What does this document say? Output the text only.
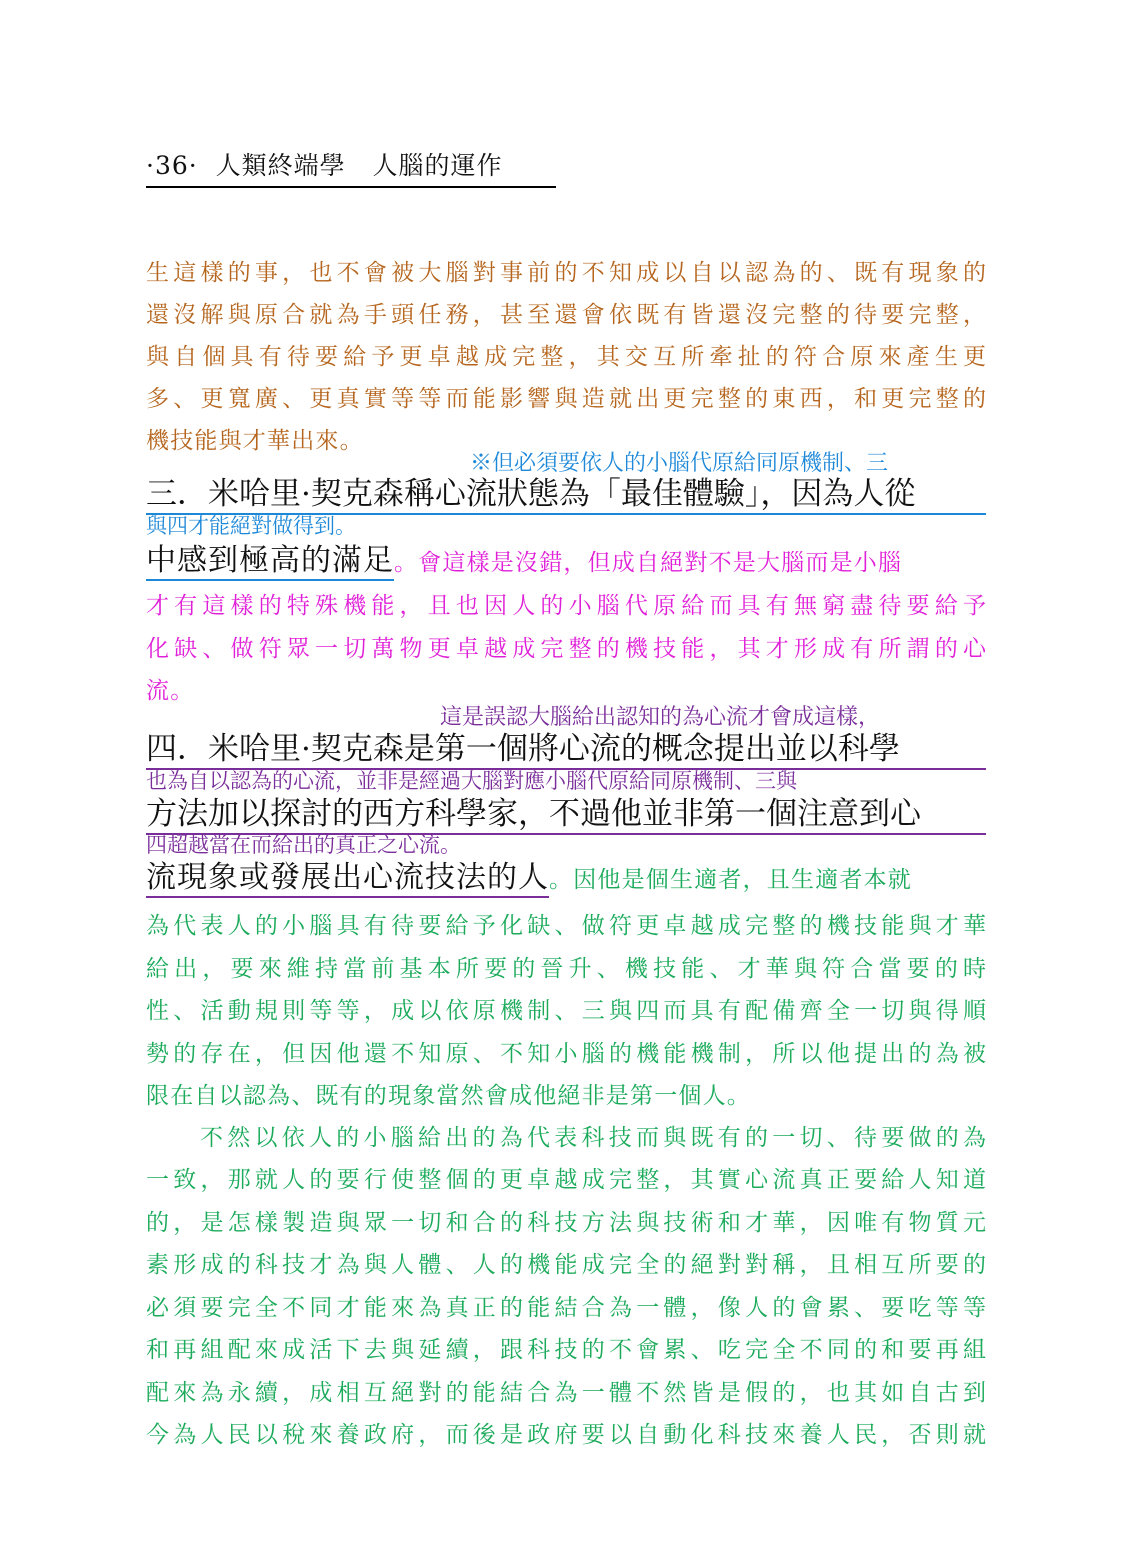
·36· 人類終端學 人腦的運作
生這樣的事，也不會被大腦對事前的不知成以自以認為的、既有現象的
還沒解與原合就為手頭任務，甚至還會依既有皆還沒完整的待要完整，
與自個具有待要給予更卓越成完整，其交互所牽扯的符合原來產生更
多、更寬廣、更真實等等而能影響與造就出更完整的東西，和更完整的
機技能與才華出來。
※但必須要依人的小腦代原給同原機制、三
三．米哈里·契克森稱心流狀態為「最佳體驗」，因為人從
與四才能絕對做得到。
中感到極高的滿足 。會這樣是沒錯，但成自絕對不是大腦而是小腦
才有這樣的特殊機能，且也因人的小腦代原給而具有無窮盡待要給予
化缺、做符眾一切萬物更卓越成完整的機技能，其才形成有所謂的心
流。
這是誤認大腦給出認知的為心流才會成這樣，
四．米哈里·契克森是第一個將心流的概念提出並以科學
也為自以認為的心流，並非是經過大腦對應小腦代原給同原機制、三與
方法加以探討的西方科學家，不過他並非第一個注意到心
四超越當在而給出的真正之心流。
流現象或發展出心流技法的人 。因他是個生適者，且生適者本就
為代表人的小腦具有待要給予化缺、做符更卓越成完整的機技能與才華
給出，要來維持當前基本所要的晉升、機技能、才華與符合當要的時
性、活動規則等等，成以依原機制、三與四而具有配備齊全一切與得順
勢的存在，但因他還不知原、不知小腦的機能機制，所以他提出的為被
限在自以認為、既有的現象當然會成他絕非是第一個人。
不然以依人的小腦給出的為代表科技而與既有的一切、待要做的為
一致，那就人的要行使整個的更卓越成完整，其實心流真正要給人知道
的，是怎樣製造與眾一切和合的科技方法與技術和才華，因唯有物質元
素形成的科技才為與人體、人的機能成完全的絕對對稱，且相互所要的
必須要完全不同才能來為真正的能結合為一體，像人的會累、要吃等等
和再組配來成活下去與延續，跟科技的不會累、吃完全不同的和要再組
配來為永續，成相互絕對的能結合為一體不然皆是假的，也其如自古到
今為人民以稅來養政府，而後是政府要以自動化科技來養人民，否則就
